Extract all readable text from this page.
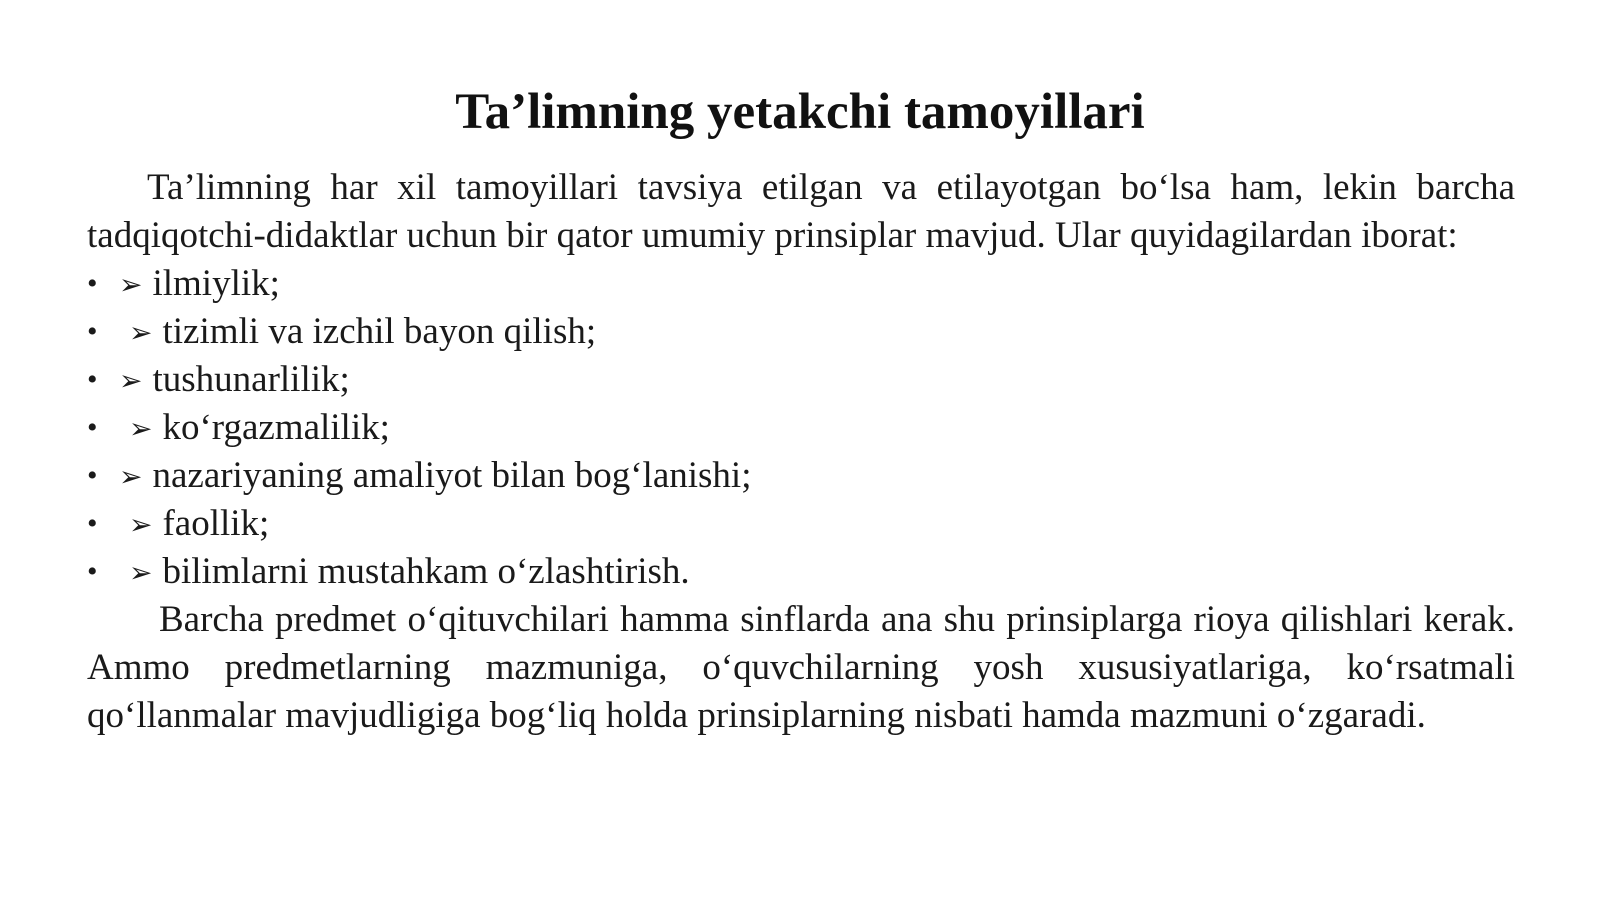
Ta’limning yetakchi tamoyillari

Ta’limning har xil tamoyillari tavsiya etilgan va etilayotgan bo‘lsa ham, lekin barcha tadqiqotchi-didaktlar uchun bir qator umumiy prinsiplar mavjud. Ular quyidagilardan iborat:

• ➢ ilmiylik;
• ➢ tizimli va izchil bayon qilish;
• ➢ tushunarlilik;
• ➢ ko‘rgazmalilik;
• ➢ nazariyaning amaliyot bilan bog‘lanishi;
• ➢ faollik;
• ➢ bilimlarni mustahkam o‘zlashtirish.

Barcha predmet o‘qituvchilari hamma sinflarda ana shu prinsiplarga rioya qilishlari kerak. Ammo predmetlarning mazmuniga, o‘quvchilarning yosh xususiyatlariga, ko‘rsatmali qo‘llanmalar mavjudligiga bog‘liq holda prinsiplarning nisbati hamda mazmuni o‘zgaradi.
